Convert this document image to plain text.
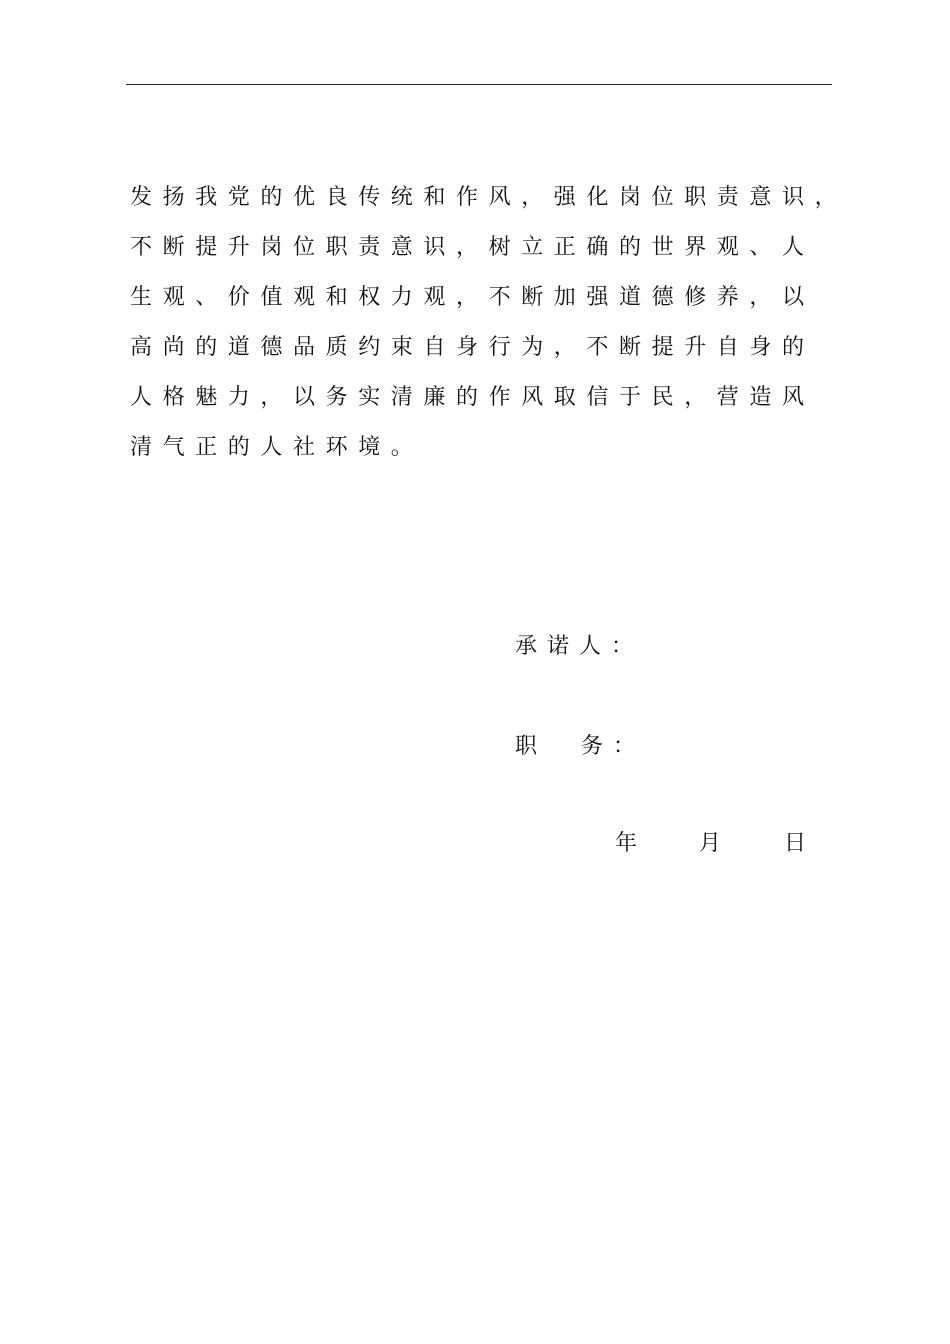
发扬我党的优良传统和作风，强化岗位职责意识，
不断提升岗位职责意识，树立正确的世界观、人
生观、价值观和权力观，不断加强道德修养，以
高尚的道德品质约束自身行为，不断提升自身的
人格魅力，以务实清廉的作风取信于民，营造风
清气正的人社环境。
承诺人：
职 务：
年	月	日
